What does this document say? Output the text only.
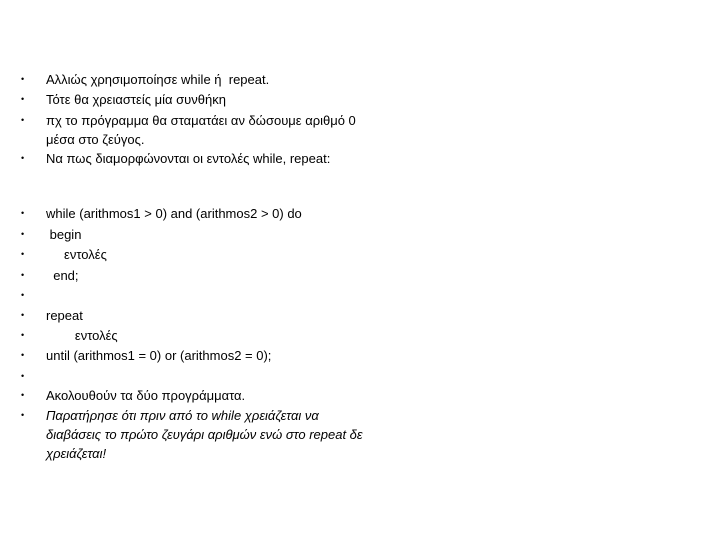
• Αλλιώς χρησιμοποίησε while ή  repeat.
• Τότε θα χρειαστείς μία συνθήκη
• πχ το πρόγραμμα θα σταματάει αν δώσουμε αριθμό 0 μέσα στο ζεύγος.
• Να πως διαμορφώνονται οι εντολές while, repeat:
• while (arithmos1 > 0) and (arithmos2 > 0) do
• begin
• εντολές
• end;
•
• repeat
• εντολές
• until (arithmos1 = 0) or (arithmos2 = 0);
•
• Ακολουθούν τα δύο προγράμματα.
• Παρατήρησε ότι πριν από το while χρειάζεται να διαβάσεις το πρώτο ζευγάρι αριθμών ενώ στο repeat δε χρειάζεται!
